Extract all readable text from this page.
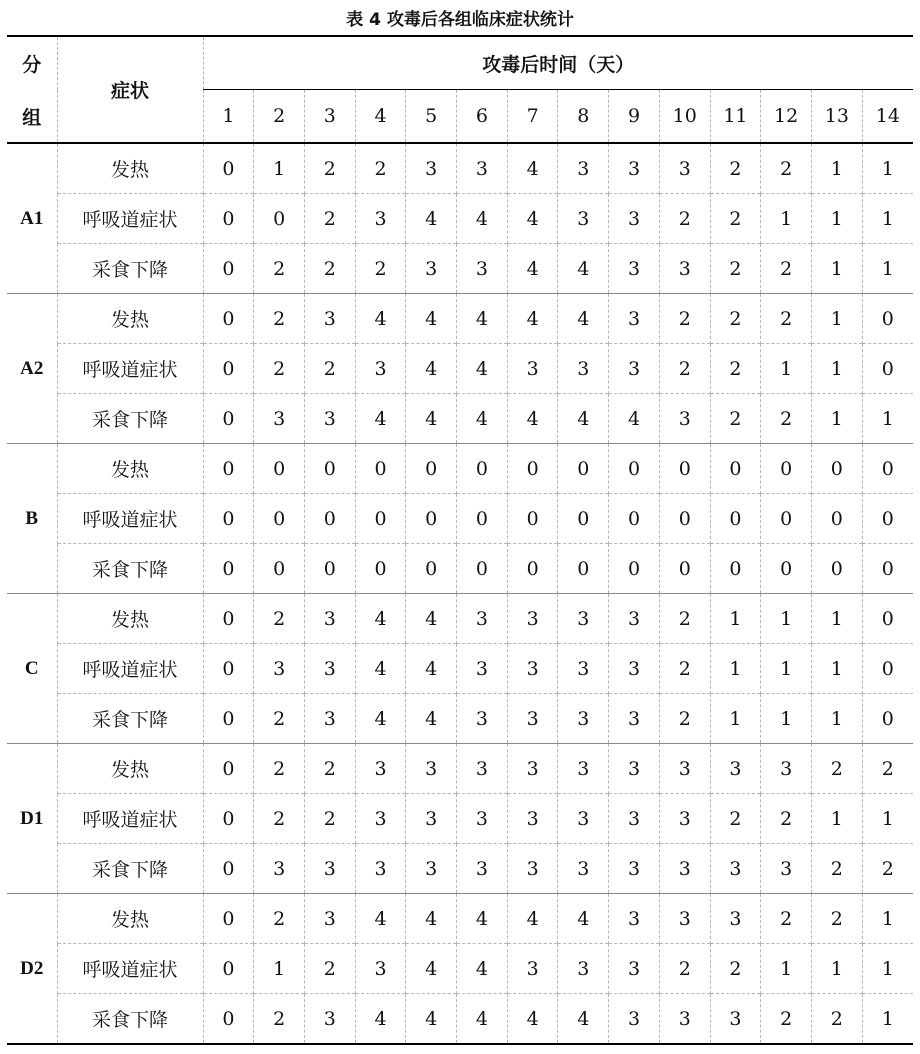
表 4 攻毒后各组临床症状统计
分
组	症状	攻毒后时间（天）													
		1	2	3	4	5	6	7	8	9	10	11	12	13	14
A1	发热	0	1	2	2	3	3	4	3	3	3	2	2	1	1
	呼吸道症状	0	0	2	3	4	4	4	3	3	2	2	1	1	1
	采食下降	0	2	2	2	3	3	4	4	3	3	2	2	1	1
A2	发热	0	2	3	4	4	4	4	4	3	2	2	2	1	0
	呼吸道症状	0	2	2	3	4	4	3	3	3	2	2	1	1	0
	采食下降	0	3	3	4	4	4	4	4	4	3	2	2	1	1
B	发热	0	0	0	0	0	0	0	0	0	0	0	0	0	0
	呼吸道症状	0	0	0	0	0	0	0	0	0	0	0	0	0	0
	采食下降	0	0	0	0	0	0	0	0	0	0	0	0	0	0
C	发热	0	2	3	4	4	3	3	3	3	2	1	1	1	0
	呼吸道症状	0	3	3	4	4	3	3	3	3	2	1	1	1	0
	采食下降	0	2	3	4	4	3	3	3	3	2	1	1	1	0
D1	发热	0	2	2	3	3	3	3	3	3	3	3	3	2	2
	呼吸道症状	0	2	2	3	3	3	3	3	3	3	2	2	1	1
	采食下降	0	3	3	3	3	3	3	3	3	3	3	3	2	2
D2	发热	0	2	3	4	4	4	4	4	3	3	3	2	2	1
	呼吸道症状	0	1	2	3	4	4	3	3	3	2	2	1	1	1
	采食下降	0	2	3	4	4	4	4	4	3	3	3	2	2	1
